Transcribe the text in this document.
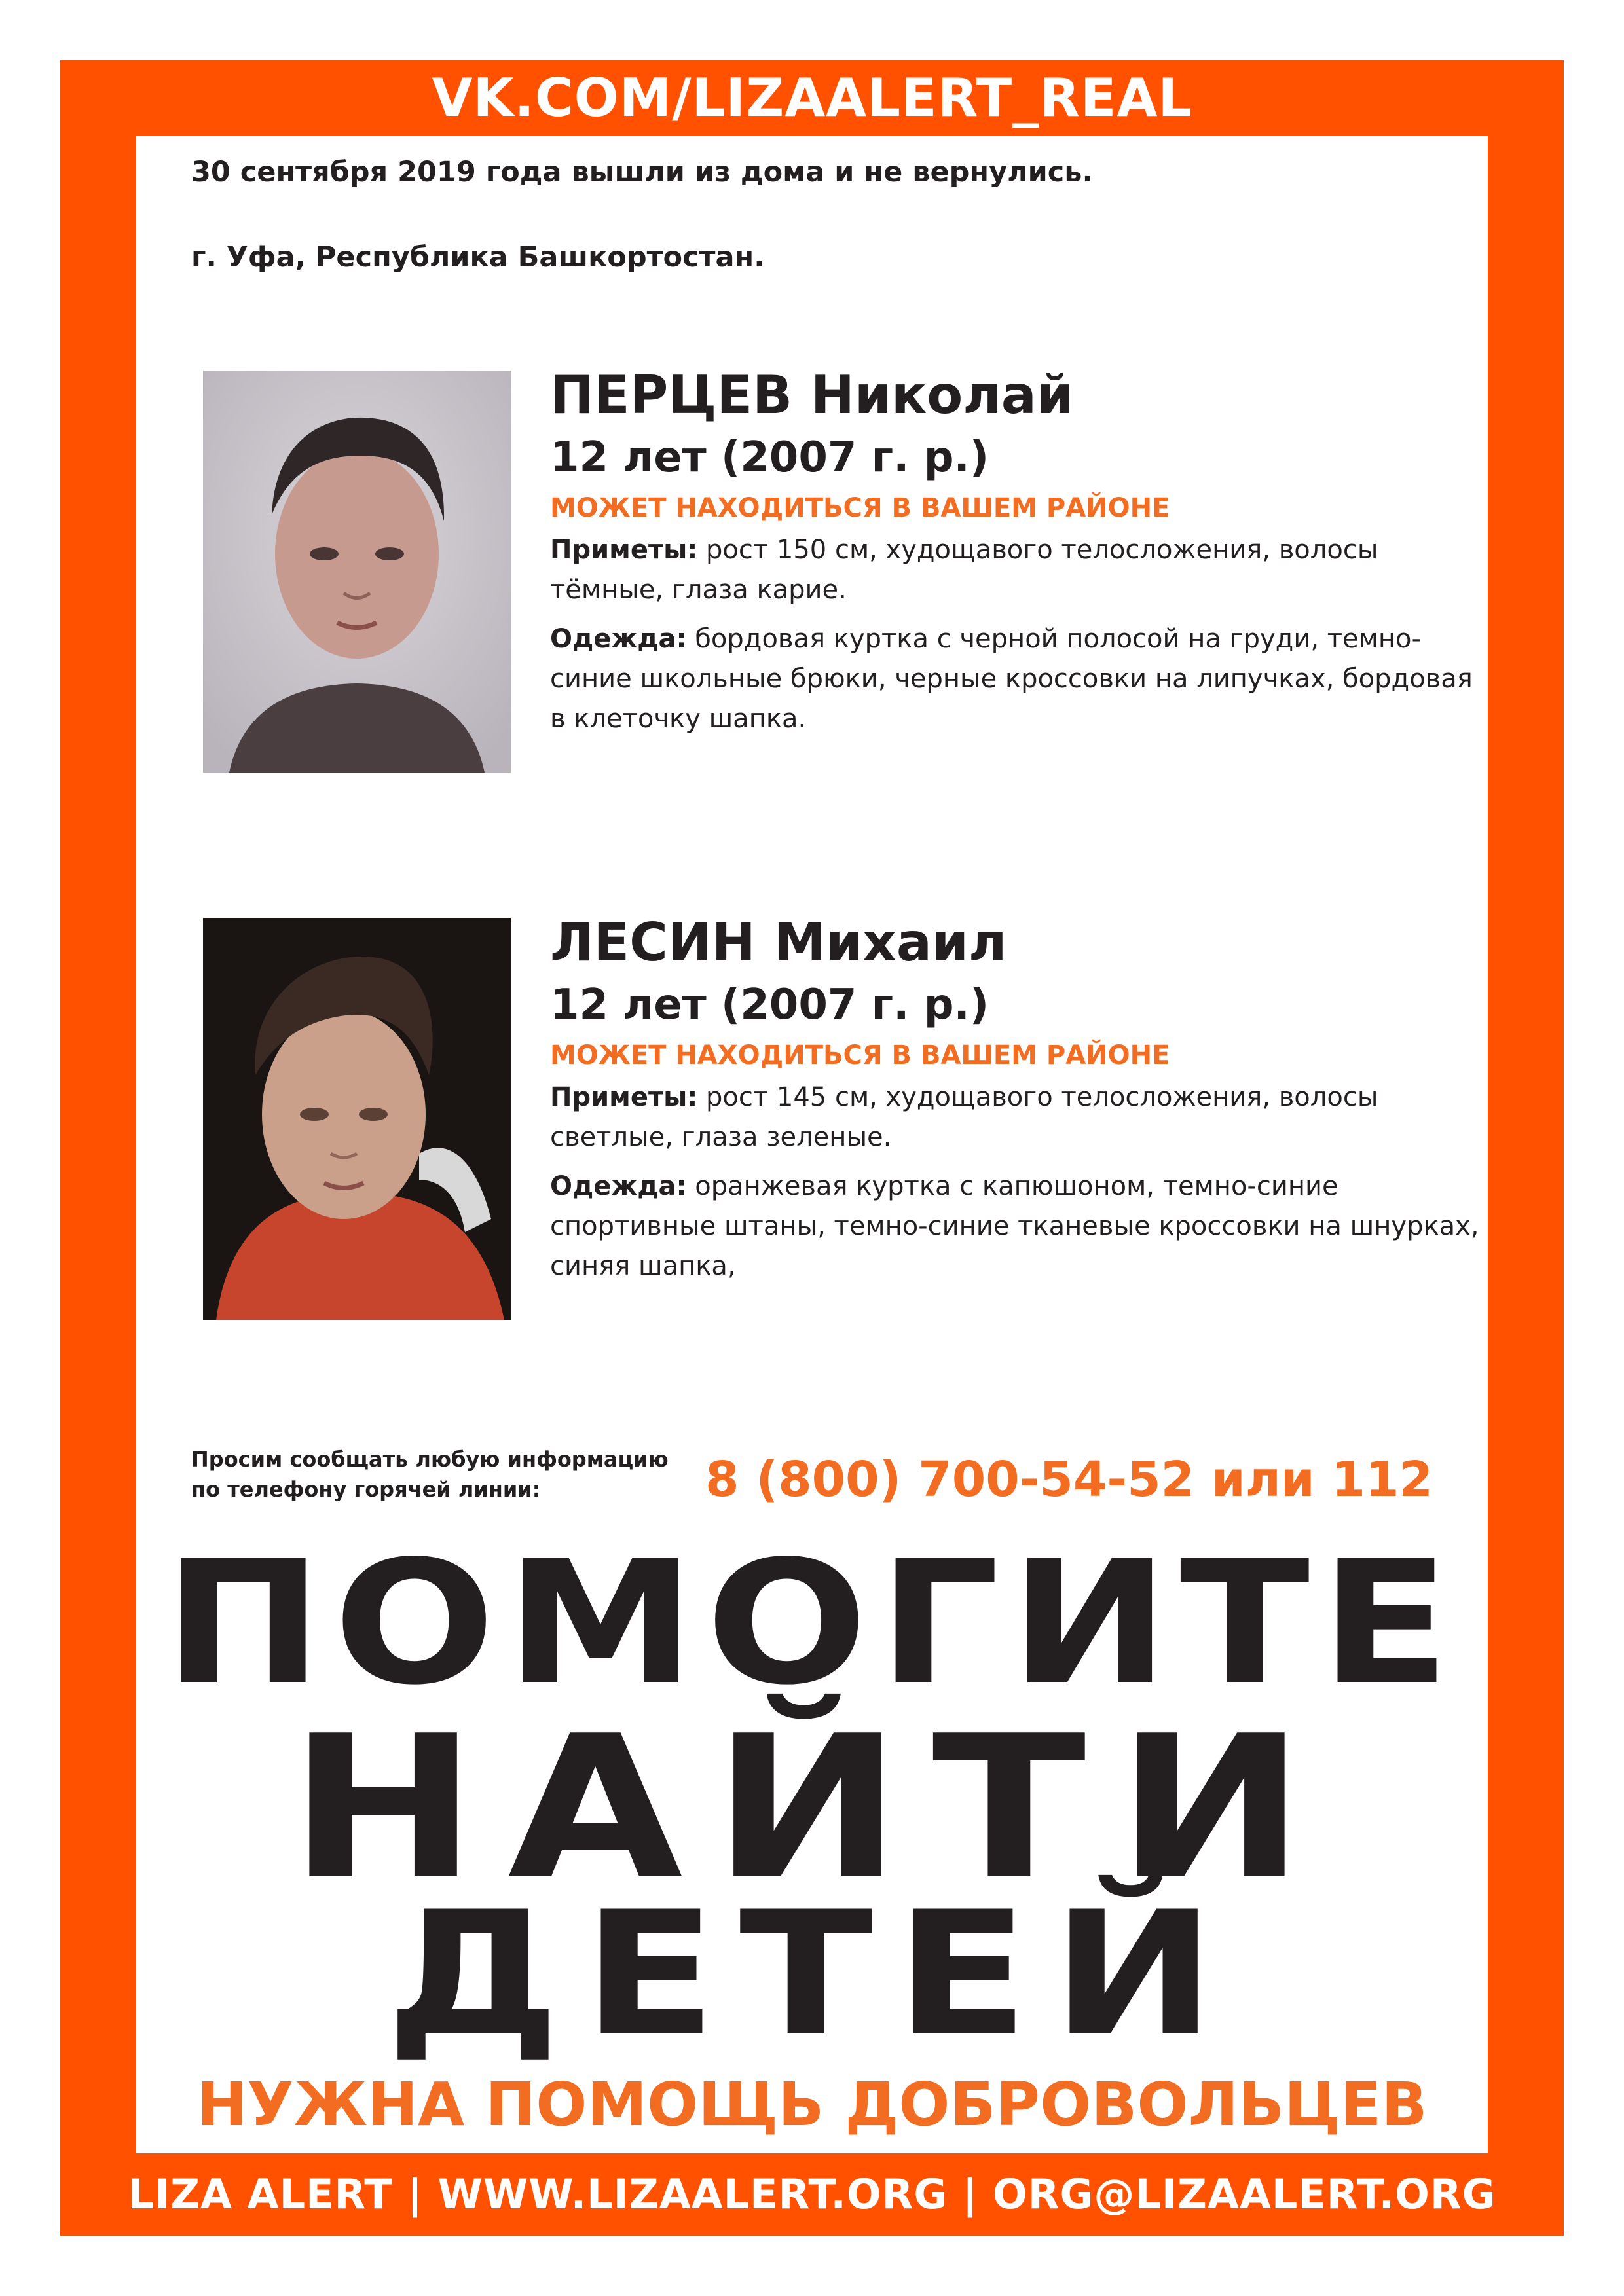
VK.COM/LIZAALERT_REAL
30 сентября 2019 года вышли из дома и не вернулись.
г. Уфа, Республика Башкортостан.
ПЕРЦЕВ Николай
12 лет (2007 г. р.)
МОЖЕТ НАХОДИТЬСЯ В ВАШЕМ РАЙОНЕ
Приметы: рост 150 см, худощавого телосложения, волосы тёмные, глаза карие.
Одежда: бордовая куртка с черной полосой на груди, темно-синие школьные брюки, черные кроссовки на липучках, бордовая в клеточку шапка.
ЛЕСИН Михаил
12 лет (2007 г. р.)
МОЖЕТ НАХОДИТЬСЯ В ВАШЕМ РАЙОНЕ
Приметы: рост 145 см, худощавого телосложения, волосы светлые, глаза зеленые.
Одежда: оранжевая куртка с капюшоном, темно-синие спортивные штаны, темно-синие тканевые кроссовки на шнурках, синяя шапка,
Просим сообщать любую информацию
по телефону горячей линии:	8 (800) 700-54-52 или 112
ПОМОГИТЕ
НАЙТИ
ДЕТЕЙ
НУЖНА ПОМОЩЬ ДОБРОВОЛЬЦЕВ
LIZA ALERT | WWW.LIZAALERT.ORG | ORG@LIZAALERT.ORG
